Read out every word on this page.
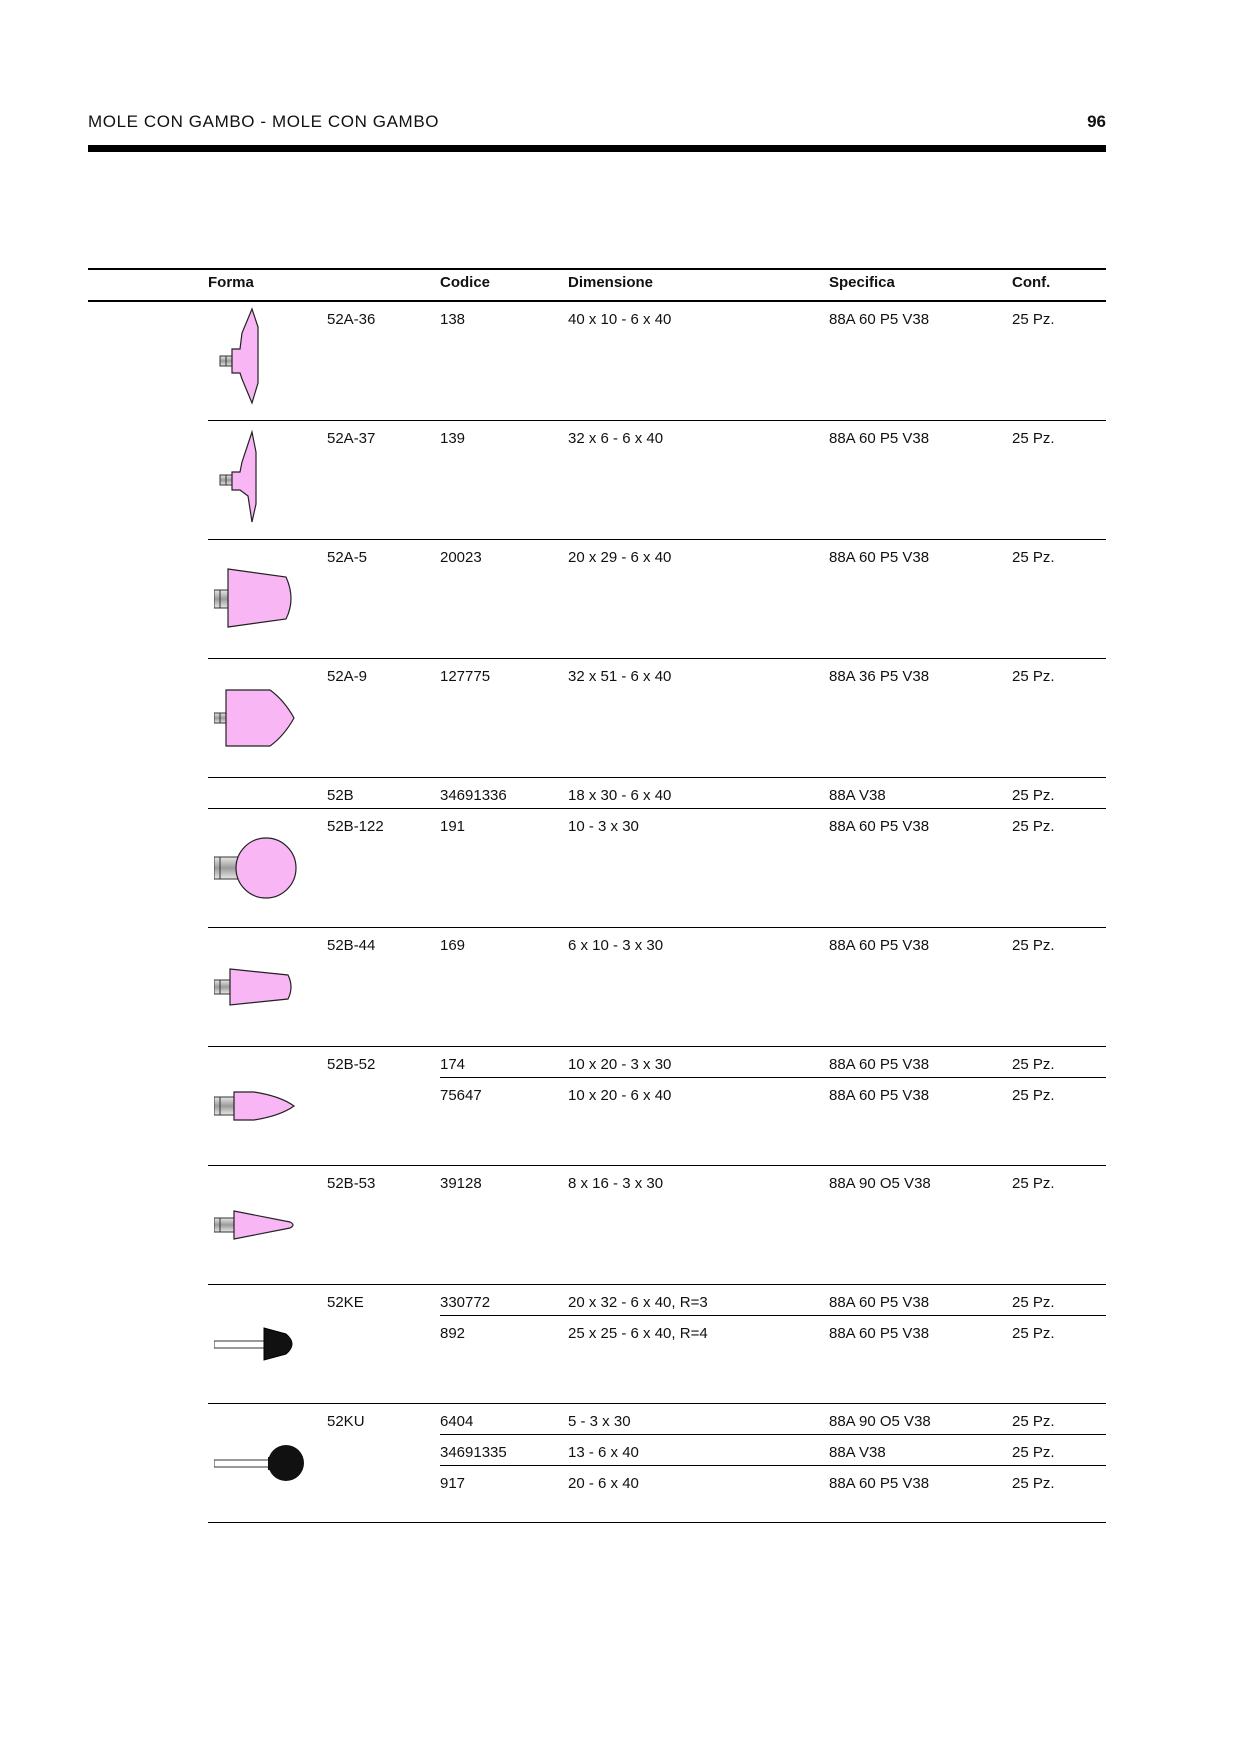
MOLE CON GAMBO - MOLE CON GAMBO	96
Forma	Codice	Dimensione	Specifica	Conf.
52A-36	138	40 x 10 - 6 x 40	88A 60 P5 V38	25 Pz.
52A-37	139	32 x 6 - 6 x 40	88A 60 P5 V38	25 Pz.
52A-5	20023	20 x 29 - 6 x 40	88A 60 P5 V38	25 Pz.
52A-9	127775	32 x 51 - 6 x 40	88A 36 P5 V38	25 Pz.
52B	34691336	18 x 30 - 6 x 40	88A V38	25 Pz.
52B-122	191	10 - 3 x 30	88A 60 P5 V38	25 Pz.
52B-44	169	6 x 10 - 3 x 30	88A 60 P5 V38	25 Pz.
52B-52	174	10 x 20 - 3 x 30	88A 60 P5 V38	25 Pz.
75647	10 x 20 - 6 x 40	88A 60 P5 V38	25 Pz.
52B-53	39128	8 x 16 - 3 x 30	88A 90 O5 V38	25 Pz.
52KE	330772	20 x 32 - 6 x 40, R=3	88A 60 P5 V38	25 Pz.
892	25 x 25 - 6 x 40, R=4	88A 60 P5 V38	25 Pz.
52KU	6404	5 - 3 x 30	88A 90 O5 V38	25 Pz.
34691335	13 - 6 x 40	88A V38	25 Pz.
917	20 - 6 x 40	88A 60 P5 V38	25 Pz.
